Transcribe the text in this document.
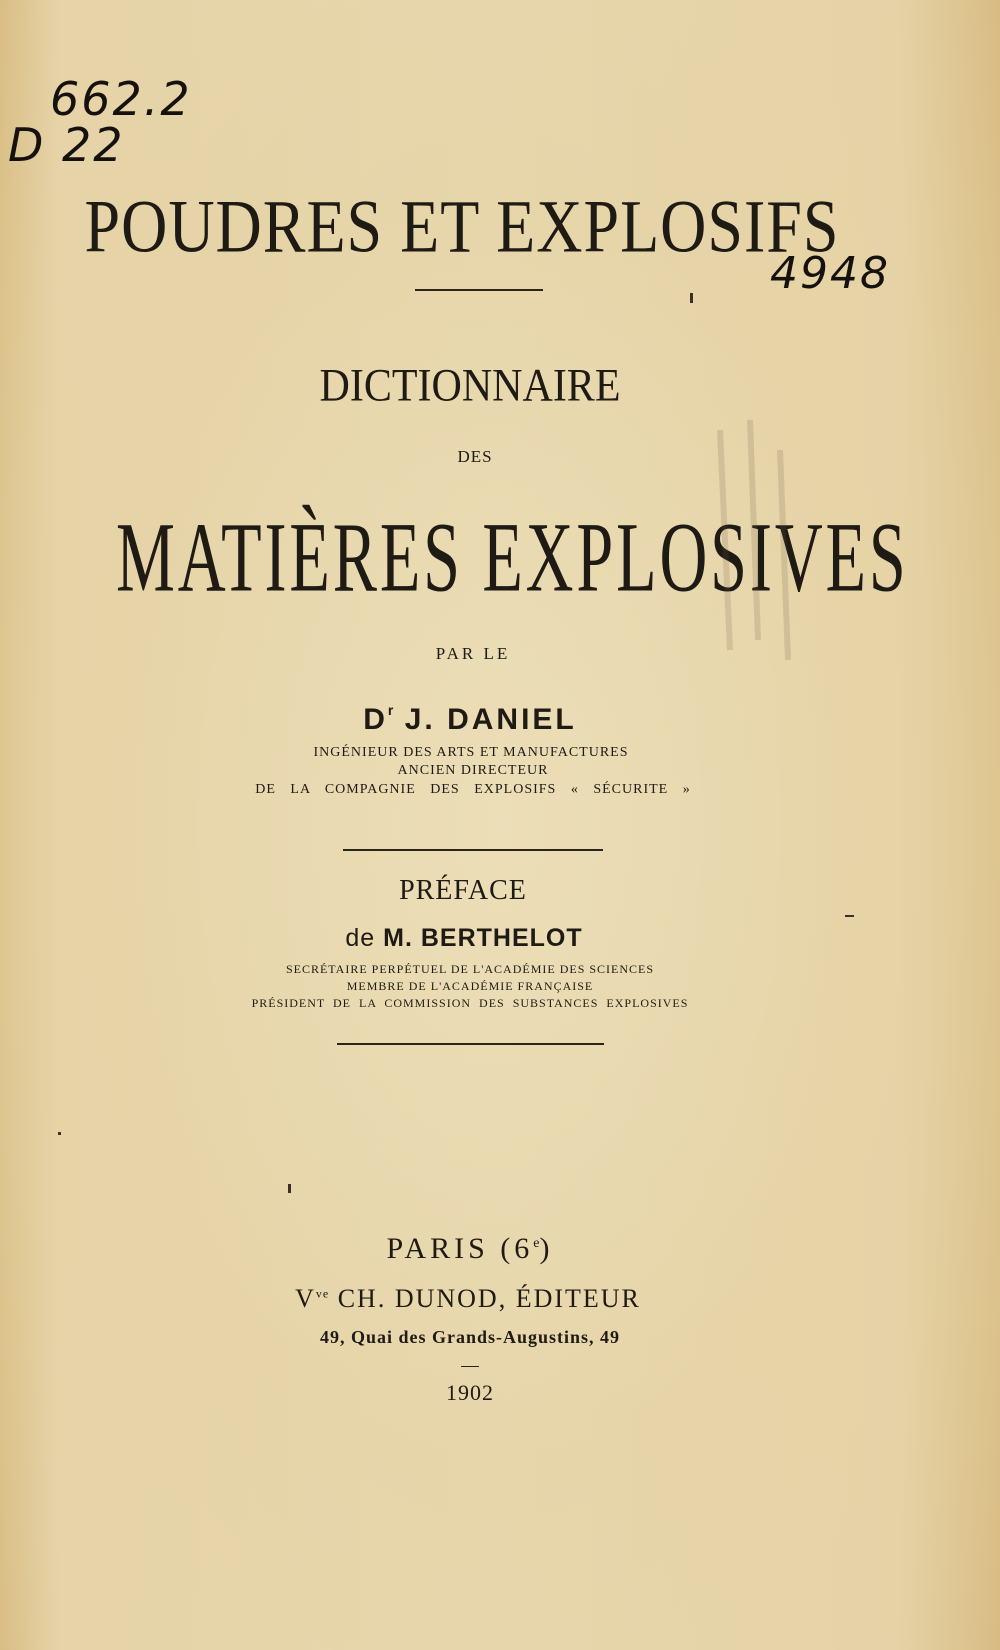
662.2
D 22
4948
POUDRES ET EXPLOSIFS
DICTIONNAIRE
DES
MATIÈRES EXPLOSIVES
PAR LE
$D^r$ J. DANIEL
INGÉNIEUR DES ARTS ET MANUFACTURES
ANCIEN DIRECTEUR
DE LA COMPAGNIE DES EXPLOSIFS « SÉCURITE »
PRÉFACE
de M. BERTHELOT
SECRÉTAIRE PERPÉTUEL DE L'ACADÉMIE DES SCIENCES
MEMBRE DE L'ACADÉMIE FRANÇAISE
PRÉSIDENT DE LA COMMISSION DES SUBSTANCES EXPLOSIVES
PARIS (6e)
$V^{ve}$ CH. DUNOD, ÉDITEUR
49, Quai des Grands-Augustins, 49
1902
